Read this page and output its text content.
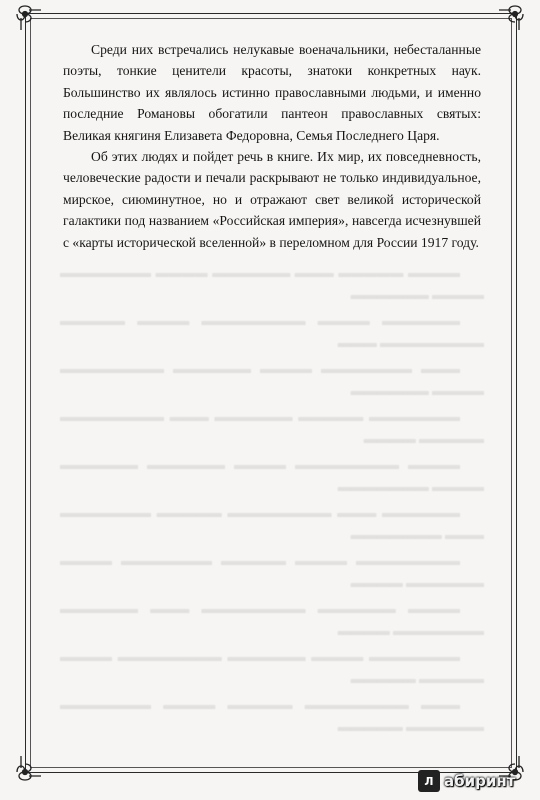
▬▬▬▬ ▬▬▬▬▬ ▬▬▬ ▬▬▬▬▬▬ ▬▬▬▬ ▬▬▬▬▬▬▬ ▬▬▬▬ ▬▬▬▬▬▬

▬▬▬▬▬▬ ▬▬▬▬ ▬▬▬▬▬▬▬▬ ▬▬▬▬ ▬▬▬▬▬ ▬▬▬▬▬▬▬▬ ▬▬▬

▬▬▬ ▬▬▬▬▬▬▬ ▬▬▬▬ ▬▬▬▬▬▬ ▬▬▬▬▬▬▬▬ ▬▬▬▬ ▬▬▬▬▬▬

▬▬▬▬▬▬▬ ▬▬▬▬▬ ▬▬▬▬▬▬ ▬▬▬ ▬▬▬▬▬▬▬▬ ▬▬▬▬▬ ▬▬▬▬

▬▬▬▬ ▬▬▬▬▬▬▬▬ ▬▬▬▬ ▬▬▬▬▬▬ ▬▬▬▬▬▬ ▬▬▬▬ ▬▬▬▬▬▬▬

▬▬▬▬▬▬ ▬▬▬ ▬▬▬▬▬▬▬▬ ▬▬▬▬▬ ▬▬▬▬▬▬▬ ▬▬▬ ▬▬▬▬▬▬▬

▬▬▬▬▬▬▬▬ ▬▬▬▬ ▬▬▬▬▬ ▬▬▬▬▬▬▬ ▬▬▬▬ ▬▬▬▬▬▬ ▬▬▬▬

▬▬▬▬ ▬▬▬▬▬▬ ▬▬▬▬▬▬▬▬ ▬▬▬ ▬▬▬▬▬▬ ▬▬▬▬▬▬▬ ▬▬▬▬

▬▬▬▬▬▬▬ ▬▬▬▬ ▬▬▬▬▬▬ ▬▬▬▬▬▬▬▬ ▬▬▬▬ ▬▬▬▬▬ ▬▬▬▬▬

▬▬▬ ▬▬▬▬▬▬▬▬ ▬▬▬▬▬ ▬▬▬▬ ▬▬▬▬▬▬▬ ▬▬▬▬▬▬ ▬▬▬▬▬

Среди них встречались нелукавые военачальники, небесталанные поэты, тонкие ценители красоты, знатоки конкретных наук. Большинство их являлось истинно православными людьми, и именно последние Романовы обогатили пантеон православных святых: Великая княгиня Елизавета Федоровна, Семья Последнего Царя.

Об этих людях и пойдет речь в книге. Их мир, их повседневность, человеческие радости и печали раскрывают не только индивидуальное, мирское, сиюминутное, но и отражают свет великой исторической галактики под названием «Российская империя», навсегда исчезнувшей с «карты исторической вселенной» в переломном для России 1917 году.

Л абиринт
